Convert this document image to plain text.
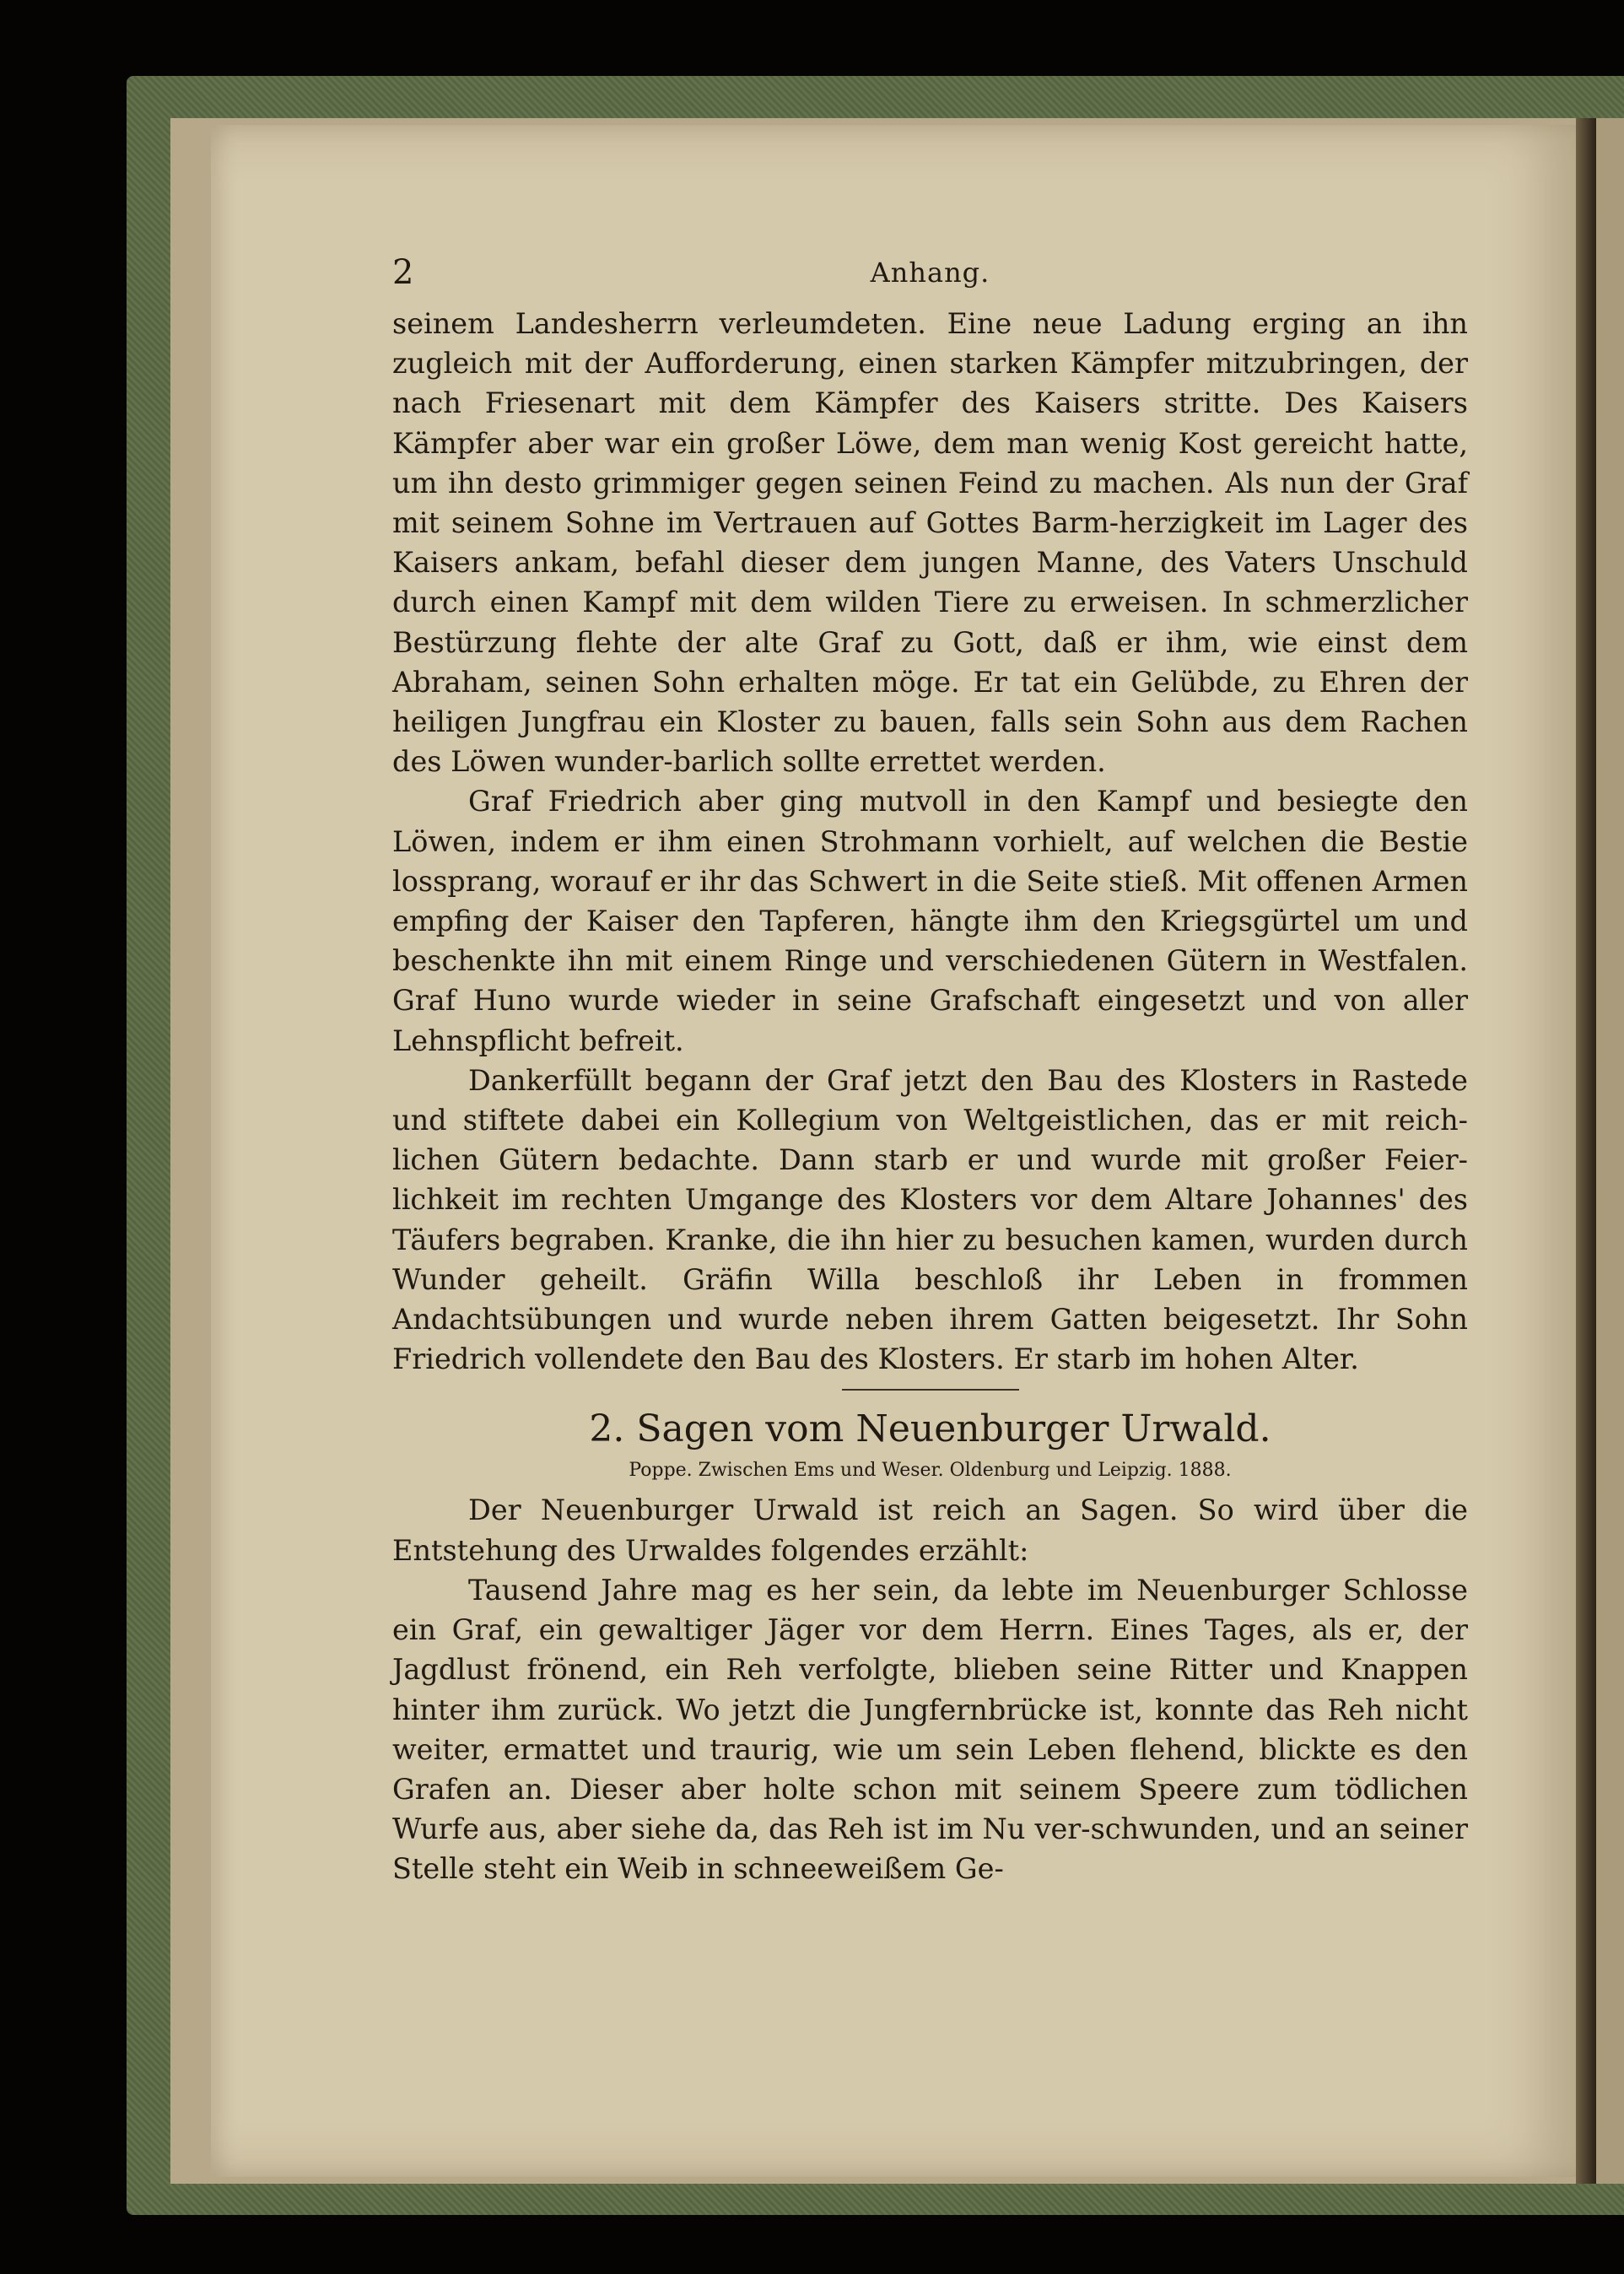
2	Anhang.

seinem Landesherrn verleumdeten. Eine neue Ladung erging an ihn zugleich mit der Aufforderung, einen starken Kämpfer mitzubringen, der nach Friesenart mit dem Kämpfer des Kaisers stritte. Des Kaisers Kämpfer aber war ein großer Löwe, dem man wenig Kost gereicht hatte, um ihn desto grimmiger gegen seinen Feind zu machen. Als nun der Graf mit seinem Sohne im Vertrauen auf Gottes Barm-herzigkeit im Lager des Kaisers ankam, befahl dieser dem jungen Manne, des Vaters Unschuld durch einen Kampf mit dem wilden Tiere zu erweisen. In schmerzlicher Bestürzung flehte der alte Graf zu Gott, daß er ihm, wie einst dem Abraham, seinen Sohn erhalten möge. Er tat ein Gelübde, zu Ehren der heiligen Jungfrau ein Kloster zu bauen, falls sein Sohn aus dem Rachen des Löwen wunder-barlich sollte errettet werden.

Graf Friedrich aber ging mutvoll in den Kampf und besiegte den Löwen, indem er ihm einen Strohmann vorhielt, auf welchen die Bestie lossprang, worauf er ihr das Schwert in die Seite stieß. Mit offenen Armen empfing der Kaiser den Tapferen, hängte ihm den Kriegsgürtel um und beschenkte ihn mit einem Ringe und verschiedenen Gütern in Westfalen. Graf Huno wurde wieder in seine Grafschaft eingesetzt und von aller Lehnspflicht befreit.

Dankerfüllt begann der Graf jetzt den Bau des Klosters in Rastede und stiftete dabei ein Kollegium von Weltgeistlichen, das er mit reich-lichen Gütern bedachte. Dann starb er und wurde mit großer Feier-lichkeit im rechten Umgange des Klosters vor dem Altare Johannes' des Täufers begraben. Kranke, die ihn hier zu besuchen kamen, wurden durch Wunder geheilt. Gräfin Willa beschloß ihr Leben in frommen Andachtsübungen und wurde neben ihrem Gatten beigesetzt. Ihr Sohn Friedrich vollendete den Bau des Klosters. Er starb im hohen Alter.

2. Sagen vom Neuenburger Urwald.

Poppe. Zwischen Ems und Weser. Oldenburg und Leipzig. 1888.

Der Neuenburger Urwald ist reich an Sagen. So wird über die Entstehung des Urwaldes folgendes erzählt:

Tausend Jahre mag es her sein, da lebte im Neuenburger Schlosse ein Graf, ein gewaltiger Jäger vor dem Herrn. Eines Tages, als er, der Jagdlust frönend, ein Reh verfolgte, blieben seine Ritter und Knappen hinter ihm zurück. Wo jetzt die Jungfernbrücke ist, konnte das Reh nicht weiter, ermattet und traurig, wie um sein Leben flehend, blickte es den Grafen an. Dieser aber holte schon mit seinem Speere zum tödlichen Wurfe aus, aber siehe da, das Reh ist im Nu ver-schwunden, und an seiner Stelle steht ein Weib in schneeweißem Ge-
